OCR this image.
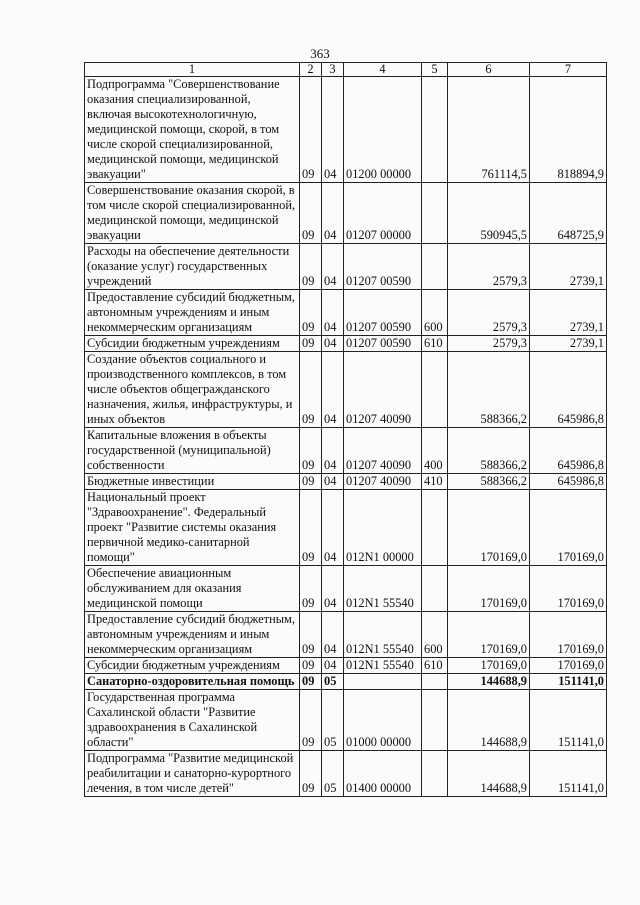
363
1	2	3	4	5	6	7
Подпрограмма "Совершенствование оказания специализированной, включая высокотехнологичную, медицинской помощи, скорой, в том числе скорой специализированной, медицинской помощи, медицинской эвакуации"	09	04	01200 00000		761114,5	818894,9
Совершенствование оказания скорой, в том числе скорой специализированной, медицинской помощи, медицинской эвакуации	09	04	01207 00000		590945,5	648725,9
Расходы на обеспечение деятельности (оказание услуг) государственных учреждений	09	04	01207 00590		2579,3	2739,1
Предоставление субсидий бюджетным, автономным учреждениям и иным некоммерческим организациям	09	04	01207 00590	600	2579,3	2739,1
Субсидии бюджетным учреждениям	09	04	01207 00590	610	2579,3	2739,1
Создание объектов социального и производственного комплексов, в том числе объектов общегражданского назначения, жилья, инфраструктуры, и иных объектов	09	04	01207 40090		588366,2	645986,8
Капитальные вложения в объекты государственной (муниципальной) собственности	09	04	01207 40090	400	588366,2	645986,8
Бюджетные инвестиции	09	04	01207 40090	410	588366,2	645986,8
Национальный проект "Здравоохранение". Федеральный проект "Развитие системы оказания первичной медико-санитарной помощи"	09	04	012N1 00000		170169,0	170169,0
Обеспечение авиационным обслуживанием для оказания медицинской помощи	09	04	012N1 55540		170169,0	170169,0
Предоставление субсидий бюджетным, автономным учреждениям и иным некоммерческим организациям	09	04	012N1 55540	600	170169,0	170169,0
Субсидии бюджетным учреждениям	09	04	012N1 55540	610	170169,0	170169,0
Санаторно-оздоровительная помощь	09	05			144688,9	151141,0
Государственная программа Сахалинской области "Развитие здравоохранения в Сахалинской области"	09	05	01000 00000		144688,9	151141,0
Подпрограмма "Развитие медицинской реабилитации и санаторно-курортного лечения, в том числе детей"	09	05	01400 00000		144688,9	151141,0
